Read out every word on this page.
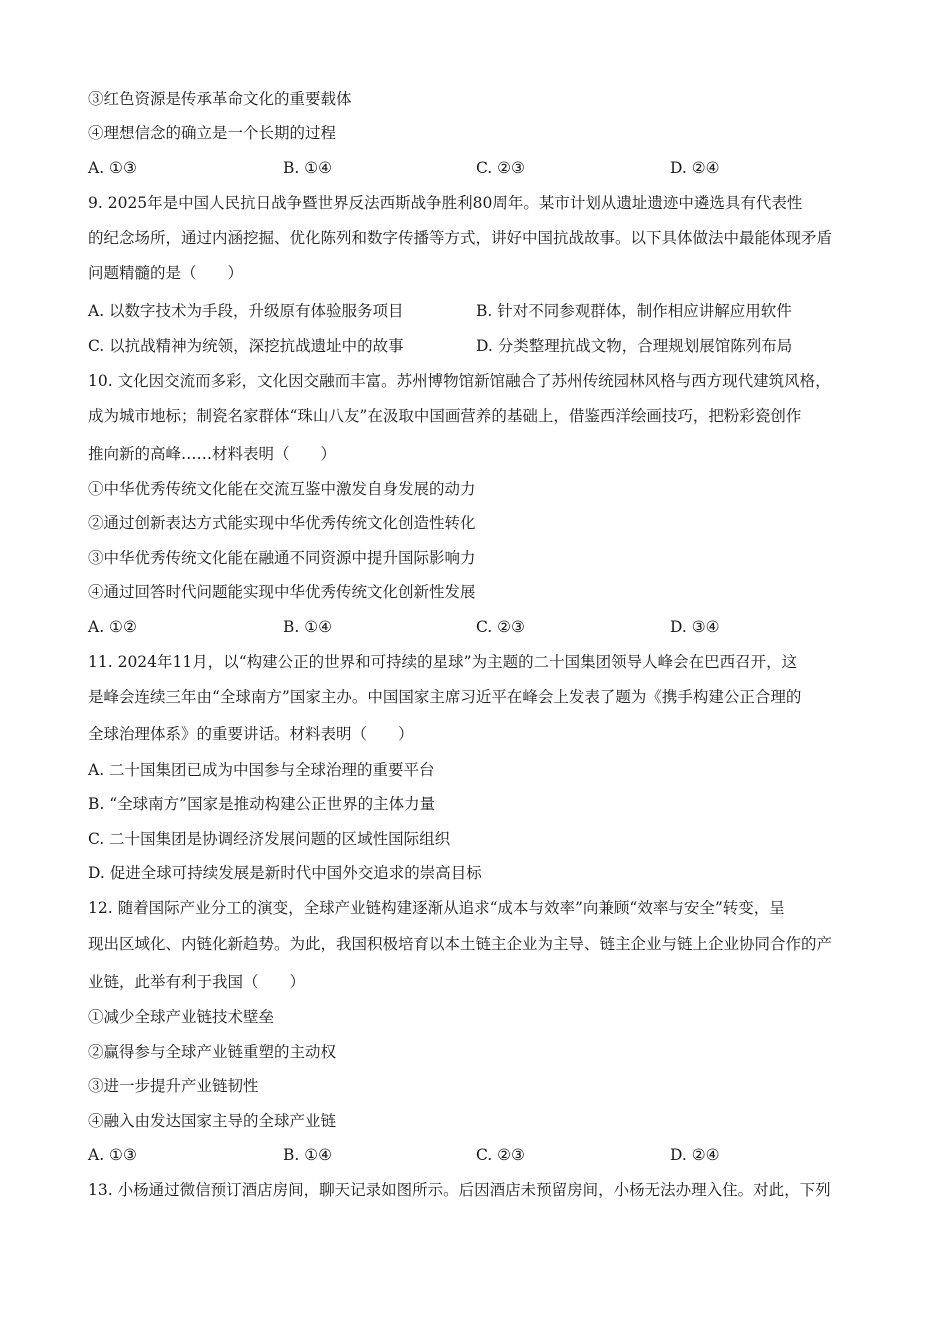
③红色资源是传承革命文化的重要载体
④理想信念的确立是一个长期的过程
A. ①③	B. ①④	C. ②③	D. ②④
9. 2025年是中国人民抗日战争暨世界反法西斯战争胜利80周年。某市计划从遗址遗迹中遴选具有代表性
的纪念场所，通过内涵挖掘、优化陈列和数字传播等方式，讲好中国抗战故事。以下具体做法中最能体现矛盾
问题精髓的是（　　）
A. 以数字技术为手段，升级原有体验服务项目	B. 针对不同参观群体，制作相应讲解应用软件
C. 以抗战精神为统领，深挖抗战遗址中的故事	D. 分类整理抗战文物，合理规划展馆陈列布局
10. 文化因交流而多彩，文化因交融而丰富。苏州博物馆新馆融合了苏州传统园林风格与西方现代建筑风格，
成为城市地标；制瓷名家群体“珠山八友”在汲取中国画营养的基础上，借鉴西洋绘画技巧，把粉彩瓷创作
推向新的高峰……材料表明（　　）
①中华优秀传统文化能在交流互鉴中激发自身发展的动力
②通过创新表达方式能实现中华优秀传统文化创造性转化
③中华优秀传统文化能在融通不同资源中提升国际影响力
④通过回答时代问题能实现中华优秀传统文化创新性发展
A. ①②	B. ①④	C. ②③	D. ③④
11. 2024年11月，以“构建公正的世界和可持续的星球”为主题的二十国集团领导人峰会在巴西召开，这
是峰会连续三年由“全球南方”国家主办。中国国家主席习近平在峰会上发表了题为《携手构建公正合理的
全球治理体系》的重要讲话。材料表明（　　）
A. 二十国集团已成为中国参与全球治理的重要平台
B. “全球南方”国家是推动构建公正世界的主体力量
C. 二十国集团是协调经济发展问题的区域性国际组织
D. 促进全球可持续发展是新时代中国外交追求的崇高目标
12. 随着国际产业分工的演变，全球产业链构建逐渐从追求“成本与效率”向兼顾“效率与安全”转变，呈
现出区域化、内链化新趋势。为此，我国积极培育以本土链主企业为主导、链主企业与链上企业协同合作的产
业链，此举有利于我国（　　）
①减少全球产业链技术壁垒
②赢得参与全球产业链重塑的主动权
③进一步提升产业链韧性
④融入由发达国家主导的全球产业链
A. ①③	B. ①④	C. ②③	D. ②④
13. 小杨通过微信预订酒店房间，聊天记录如图所示。后因酒店未预留房间，小杨无法办理入住。对此，下列
